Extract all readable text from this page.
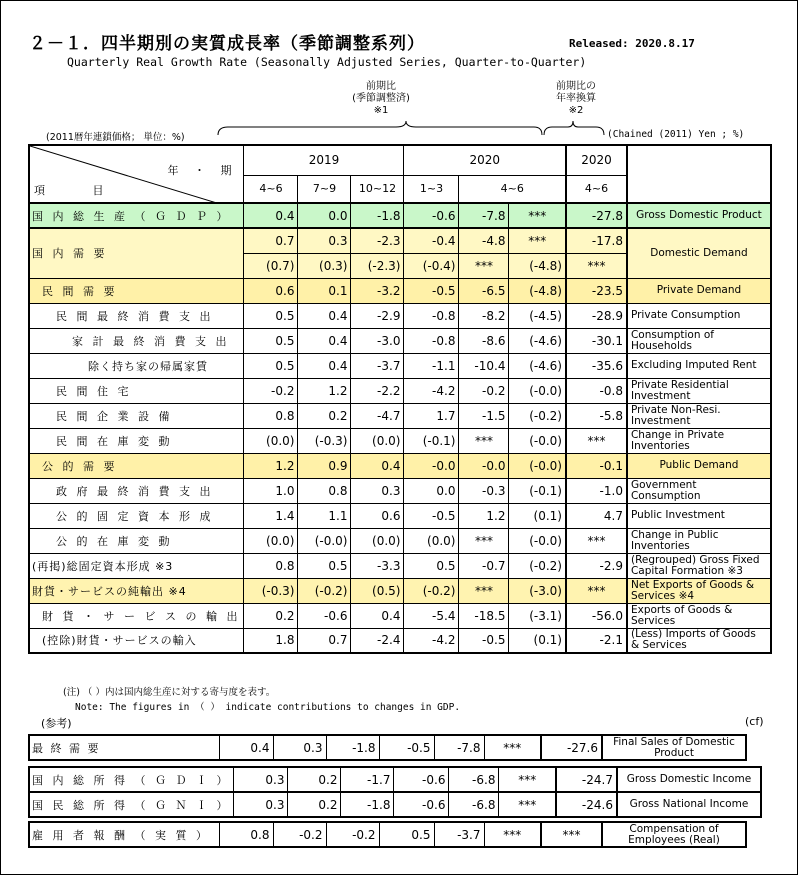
２－１．四半期別の実質成長率（季節調整系列）	Released: 2020.8.17
Quarterly Real Growth Rate (Seasonally Adjusted Series, Quarter-to-Quarter)
前期比
(季節調整済)
※1
前期比の
年率換算
※2
(2011暦年連鎖価格； 単位：%)	(Chained (2011) Yen ; %)
年 ・ 期
項 目	2019			2020			2020	
	4~6	7~9	10~12	1~3	4~6		4~6	
国 内 総 生 産 （ Ｇ Ｄ Ｐ ）	0.4	0.0	-1.8	-0.6	-7.8	***	-27.8	Gross Domestic Product
国 内 需 要	0.7	0.3	-2.3	-0.4	-4.8	***	-17.8	Domestic Demand
	(0.7)	(0.3)	(-2.3)	(-0.4)	***	(-4.8)	***	
民 間 需 要	0.6	0.1	-3.2	-0.5	-6.5	(-4.8)	-23.5	Private Demand
民 間 最 終 消 費 支 出	0.5	0.4	-2.9	-0.8	-8.2	(-4.5)	-28.9	Private Consumption
家 計 最 終 消 費 支 出	0.5	0.4	-3.0	-0.8	-8.6	(-4.6)	-30.1	Consumption of Households
除く持ち家の帰属家賃	0.5	0.4	-3.7	-1.1	-10.4	(-4.6)	-35.6	Excluding Imputed Rent
民 間 住 宅	-0.2	1.2	-2.2	-4.2	-0.2	(-0.0)	-0.8	Private Residential Investment
民 間 企 業 設 備	0.8	0.2	-4.7	1.7	-1.5	(-0.2)	-5.8	Private Non-Resi. Investment
民 間 在 庫 変 動	(0.0)	(-0.3)	(0.0)	(-0.1)	***	(-0.0)	***	Change in Private Inventories
公 的 需 要	1.2	0.9	0.4	-0.0	-0.0	(-0.0)	-0.1	Public Demand
政 府 最 終 消 費 支 出	1.0	0.8	0.3	0.0	-0.3	(-0.1)	-1.0	Government Consumption
公 的 固 定 資 本 形 成	1.4	1.1	0.6	-0.5	1.2	(0.1)	4.7	Public Investment
公 的 在 庫 変 動	(0.0)	(-0.0)	(0.0)	(0.0)	***	(-0.0)	***	Change in Public Inventories
(再掲)総固定資本形成 ※3	0.8	0.5	-3.3	0.5	-0.7	(-0.2)	-2.9	(Regrouped) Gross Fixed Capital Formation ※3
財貨・サービスの純輸出 ※4	(-0.3)	(-0.2)	(0.5)	(-0.2)	***	(-3.0)	***	Net Exports of Goods & Services ※4
財 貨 ・ サ ー ビ ス の 輸 出	0.2	-0.6	0.4	-5.4	-18.5	(-3.1)	-56.0	Exports of Goods & Services
(控除)財貨・サービスの輸入	1.8	0.7	-2.4	-4.2	-0.5	(0.1)	-2.1	(Less) Imports of Goods & Services
(注) （ ）内は国内総生産に対する寄与度を表す。
Note: The figures in （ ） indicate contributions to changes in GDP.
(参考)	(cf)
最 終 需 要	0.4	0.3	-1.8	-0.5	-7.8	***	-27.6	Final Sales of Domestic Product
国 内 総 所 得 （ Ｇ Ｄ Ｉ ）	0.3	0.2	-1.7	-0.6	-6.8	***	-24.7	Gross Domestic Income
国 民 総 所 得 （ Ｇ Ｎ Ｉ ）	0.3	0.2	-1.8	-0.6	-6.8	***	-24.6	Gross National Income
雇 用 者 報 酬 （ 実 質 ）	0.8	-0.2	-0.2	0.5	-3.7	***	***	Compensation of Employees (Real)
